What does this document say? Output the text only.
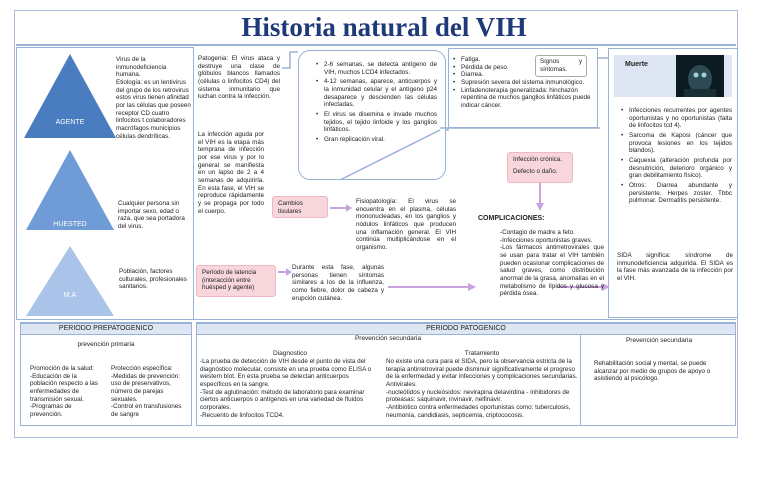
Historia natural del VIH
AGENTE
HUESTED
M.A
Virus de la inmunodeficiencia humana.
Etiología: es un lentivirus del grupo de los retrovirus estos virus tienen afinidad por las células que poseen receptor CD cuatro linfocitos t colaboradores macrófagos municipios células dendríticas.
Cualquier persona sin importar sexo, edad o raza, que sea portadora del virus.
Población, factores culturales, profesionales sanitarios.
Patogenia: El virus ataca y destruye una clase de glóbulos blancos llamados (células o linfocitos CD4) del sistema inmunitario que luchan contra la infección.
La infección aguda por el VIH es la etapa más temprana de infección por ese virus y por lo general se manifiesta en un lapso de 2 a 4 semanas de adquirirla. En esta fase, el VIH se reproduce rápidamente y se propaga por todo el cuerpo.
• 2-6 semanas, se detecta antígeno de VIH, muchos LCD4 infectados.
• 4-12 semanas, aparece, anticuerpos y la inmunidad celular y el antígeno p24 desaparece y descienden las células infectadas.
• El virus se disemina e invade muchos tejidos, el tejido linfoide y los ganglios linfáticos.
• Gran replicación viral.
• Fatiga.
• Pérdida de peso.
• Diarrea.
• Supresión severa del sistema inmunológico.
• Linfadenoterapia generalizada: hinchazón repentina de muchos ganglios linfáticos puede indicar cáncer.
Signos y síntomas.
Muerte
• Infecciones recurrentes por agentes oportunistas y no oportunistas (falta de linfocitos tcd 4).
• Sarcoma de Kaposi (cáncer que provoca lesiones en los tejidos blandos).
• Caquexia (alteración profunda por desnutrición, deterioro orgánico y gran debilitamiento físico).
• Otros: Diarrea abundante y persistente. Herpes zoster. Tbbc pulmonar. Dermatitis persistente.
Cambios tisulares
Fisiopatología: El virus se encuentra en el plasma, células mononucleadas, en los ganglios y nódulos linfáticos que producen una inflamación general. El VIH continúa multiplicándose en el organismo.
Infección crónica.
Defecto o daño.
COMPLICACIONES:
-Contagio de madre a feto.
-Infecciones oportunistas graves.
-Los fármacos antirretrovirales que se usan para tratar el VIH también pueden ocasionar complicaciones de salud graves, como distribución anormal de la grasa, anomalías en el metabolismo de lípidos y glucosa y pérdida ósea.
Período de latencia (interacción entre huésped y agente)
Durante esta fase, algunas personas tienen síntomas similares a los de la influenza, como fiebre, dolor de cabeza y erupción cutánea.
SIDA significa: síndrome de inmunodeficiencia adquirida. El SIDA es la fase más avanzada de la infección por el VIH.
PERIODO PREPATOGENICO
prevención primaria
Promoción de la salud:
-Educación de la población respecto a las enfermedades de transmisión sexual.
-Programas de prevención.
Protección específica:
-Medidas de prevención: uso de preservativos, número de parejas sexuales.
-Control en transfusiones de sangre
PERIODO PATOGENICO
Prevención secundaria
Diagnostico
-La prueba de detección de VIH desde el punto de vista del diagnóstico molecular, consiste en una prueba como ELISA o western blot. En esta prueba se detectan anticuerpos específicos en la sangre.
-Test de aglutinación: método de laboratorio para examinar ciertos anticuerpos o antígenos en una variedad de fluidos corporales.
-Recuento de linfocitos TCD4.
Tratamiento
No existe una cura para el SIDA, pero la observancia estricta de la terapia antirretroviral puede disminuir significativamente el progreso de la enfermedad y evitar infecciones y complicaciones secundarias.
Antivirales:
-nucleótidos y nucleósidos: nevirapina delavirdina - inhibidores de proteasas: saquinavir, invinavir, nelfinavir.
-Antibiótico contra enfermedades oportunistas como: tuberculosis, neumonía, candidiasis, septicemia, criptococosis.
Prevención secundaria
Rehabilitación social y mental, se puede alcanzar por medio de grupos de apoyo o asistiendo al psicólogo.
